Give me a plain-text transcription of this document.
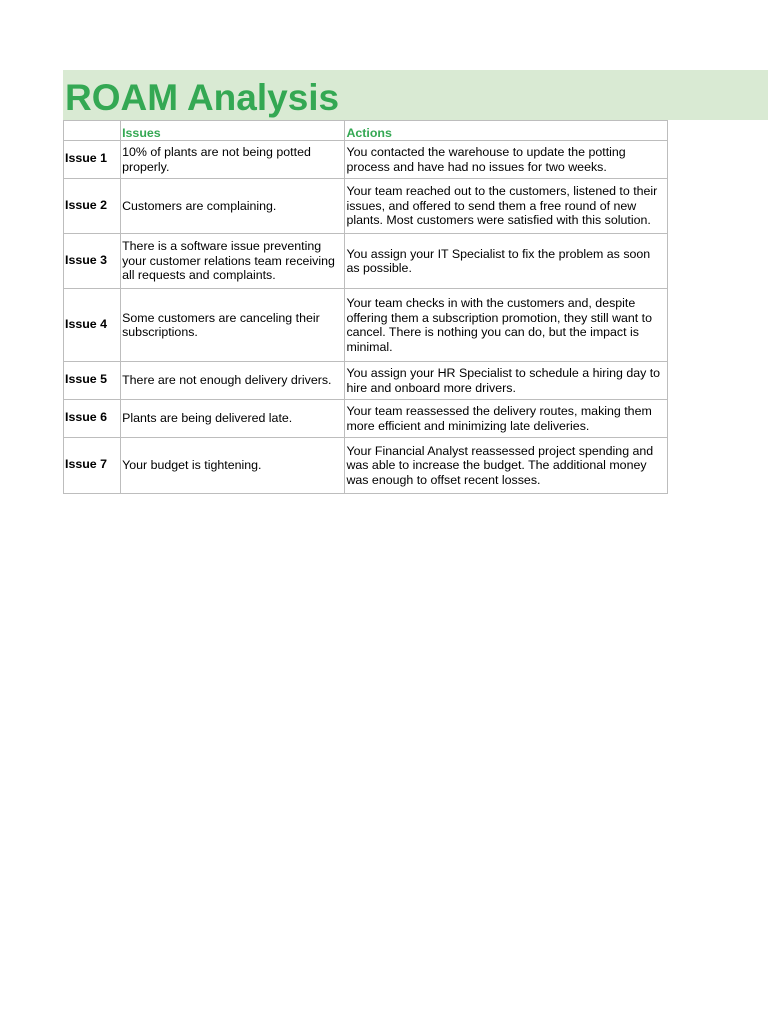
ROAM Analysis
	Issues	Actions
Issue 1	10% of plants are not being potted properly.	You contacted the warehouse to update the potting process and have had no issues for two weeks.
Issue 2	Customers are complaining.	Your team reached out to the customers, listened to their issues, and offered to send them a free round of new plants. Most customers were satisfied with this solution.
Issue 3	There is a software issue preventing your customer relations team receiving all requests and complaints.	You assign your IT Specialist to fix the problem as soon as possible.
Issue 4	Some customers are canceling their subscriptions.	Your team checks in with the customers and, despite offering them a subscription promotion, they still want to cancel. There is nothing you can do, but the impact is minimal.
Issue 5	There are not enough delivery drivers.	You assign your HR Specialist to schedule a hiring day to hire and onboard more drivers.
Issue 6	Plants are being delivered late.	Your team reassessed the delivery routes, making them more efficient and minimizing late deliveries.
Issue 7	Your budget is tightening.	Your Financial Analyst reassessed project spending and was able to increase the budget. The additional money was enough to offset recent losses.
